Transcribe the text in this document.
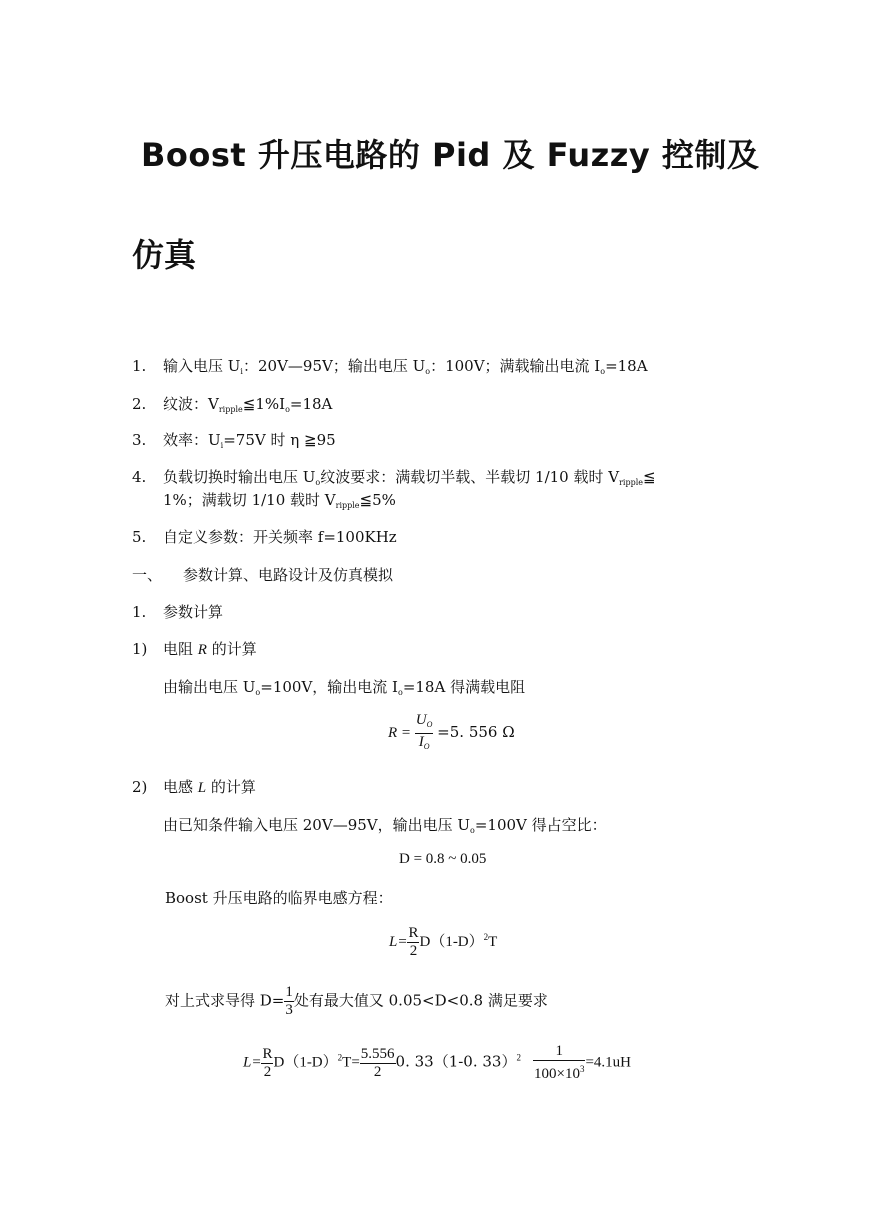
Boost 升压电路的 Pid 及 Fuzzy 控制及
仿真
1. 输入电压 $U_i$：20V—95V；输出电压 $U_o$：100V；满载输出电流 $I_o=18A$
2. 纹波：$V_{ripple}≦1\%I_o=18A$
3. 效率：$U_i=75V$ 时 η ≧95
4. 负载切换时输出电压 $U_o$纹波要求：满载切半载、半载切 1/10 载时 $V_{ripple}≦$
1%；满载切 1/10 载时 $V_{ripple}≦5\%$
5. 自定义参数：开关频率 f=100KHz
一、 参数计算、电路设计及仿真模拟
1. 参数计算
1) 电阻 R 的计算
由输出电压 $U_o=100V$，输出电流 $I_o=18A$ 得满载电阻
$R = \frac{U_O}{I_O} =5$. 556 Ω
2) 电感 L 的计算
由已知条件输入电压 20V—95V，输出电压 $U_o=100V$ 得占空比：
D = 0.8 ~ 0.05
Boost 升压电路的临界电感方程：
$L= \frac{R}{2} D(1-D)^2T$
对上式求导得 $D= \frac{1}{3}$ 处有最大值又 0.05<D<0.8 满足要求
$L= \frac{R}{2} D(1-D)^2T= \frac{5.556}{2} 0$. 33（1-0. $33)^2 \frac{1}{100\times 10^3} =4.1uH$
